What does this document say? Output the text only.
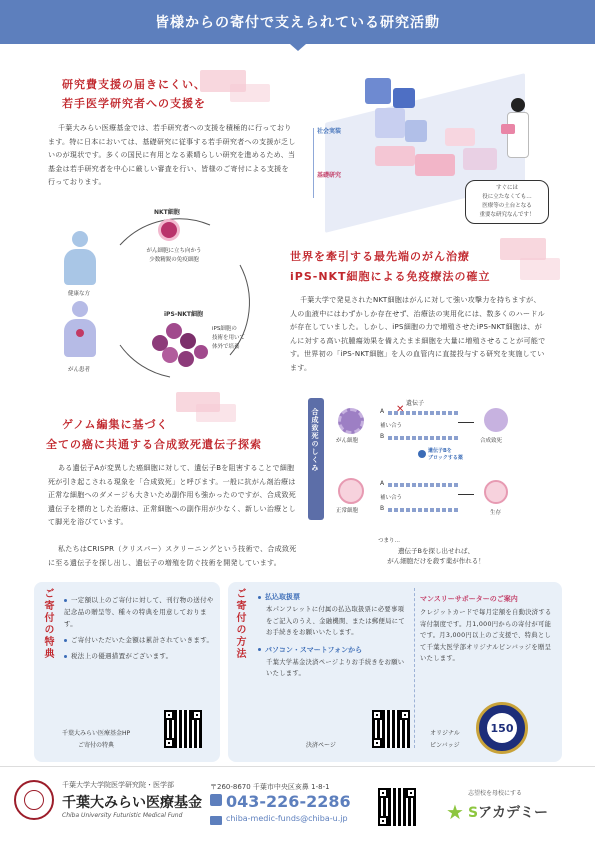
皆様からの寄付で支えられている研究活動
研究費支援の届きにくい、
若手医学研究者への支援を
千葉大みらい医療基金では、若手研究者への支援を積極的に行っております。特に日本においては、基礎研究に従事する若手研究者への支援が乏しいのが現状です。多くの国民に有用となる素晴らしい研究を進めるため、当基金は若手研究者を中心に厳しい審査を行い、皆様のご寄付による支援を行っております。
社会実装
基礎研究
すぐには
役に立たなくても…
医療等の土台となる
重要な研究なんです！
NKT細胞
がん細胞に立ち向かう
少数精鋭の免疫細胞
健康な方
がん患者
iPS-NKT細胞
iPS細胞の
技術を用いて
体外で培養
世界を牽引する最先端のがん治療
iPS-NKT細胞による免疫療法の確立
千葉大学で発見されたNKT細胞はがんに対して強い攻撃力を持ちますが、人の血液中にはわずかしか存在せず、治療法の実用化には、数多くのハードルが存在していました。しかし、iPS細胞の力で増殖させたiPS-NKT細胞は、がんに対する高い抗腫瘍効果を備えたまま細胞を大量に増殖させることが可能です。世界初の「iPS-NKT細胞」を人の血管内に直接投与する研究を実施しています。
ゲノム編集に基づく
全ての癌に共通する合成致死遺伝子探索
ある遺伝子Aが変異した癌細胞に対して、遺伝子Bを阻害することで細胞死が引き起こされる現象を「合成致死」と呼びます。一般に抗がん剤治療は正常な細胞へのダメージも大きいため副作用も強かったのですが、合成致死遺伝子を標的とした治療は、正常細胞への副作用が少なく、新しい治療として脚光を浴びています。
私たちはCRISPR（クリスパー）スクリーニングという技術で、合成致死に至る遺伝子を探し出し、遺伝子の増殖を防ぐ技術を開発しています。
合成致死のしくみ
遺伝子
がん細胞
A ✕
補い合う
B
合成致死
遺伝子Bを
ブロックする薬
正常細胞
A
補い合う
B
生存
つまり…
遺伝子Bを探し出せれば、
がん細胞だけを殺す薬が作れる！
ご寄付の特典	一定額以上のご寄付に対して、刊行物の送付や記念品の贈呈等、種々の特典を用意しております。
ご寄付いただいた金額は累計されていきます。
税法上の優遇措置がございます。
千葉大みらい医療基金HP
ご寄付の特典
ご寄付の方法	払込取扱票
本パンフレットに付属の払込取扱票に必要事項をご記入のうえ、金融機関、または郵便局にてお手続きをお願いいたします。
パソコン・スマートフォンから
千葉大学基金決済ページよりお手続きをお願いいたします。
決済ページ
マンスリーサポーターのご案内
クレジットカードで毎月定額を自動決済する寄付制度です。月1,000円からの寄付が可能です。月3,000円以上のご支援で、特典として千葉大医学部オリジナルピンバッジを贈呈いたします。
オリジナル
ピンバッジ
150
千葉大学大学院医学研究院・医学部
千葉大みらい医療基金
Chiba University Futuristic Medical Fund
〒260-8670 千葉市中央区亥鼻 1-8-1
043-226-2286
chiba-medic-funds@chiba-u.jp
志望校を母校にする
★ Sアカデミー
